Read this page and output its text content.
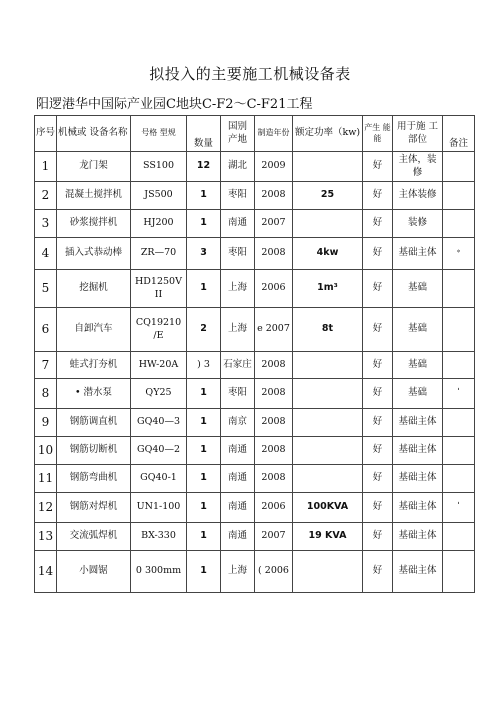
拟投入的主要施工机械设备表
阳逻港华中国际产业园C地块C-F2～C-F21工程
序号	机械或 设备名称	号格 型规	数量	国别 产地	制造年份	额定功率（kw)	产生 能能	用于施 工部位	备注
1	龙门架	SS100	12	湖北	2009		好	主体，装修	
2	混凝土搅拌机	JS500	1	枣阳	2008	25	好	主体装修	
3	砂浆搅拌机	HJ200	1	南通	2007		好	装修	
4	插入式恭动棒	ZR—70	3	枣阳	2008	4kw	好	基础主体	﹡
5	挖掘机	HD1250V II	1	上海	2006	1m³	好	基础	
6	自卸汽车	CQ19210 /E	2	上海	e 2007	8t	好	基础	
7	蛙式打夯机	HW-20A	) 3	石家庄	2008		好	基础	
8	• 潜水泵	QY25	1	枣阳	2008		好	基础	ˈ
9	钢筋调直机	GQ40—3	1	南京	2008		好	基础主体	
10	钢筋切断机	GQ40—2	1	南通	2008		好	基础主体	
11	钢筋弯曲机	GQ40-1	1	南通	2008		好	基础主体	
12	钢筋对焊机	UN1-100	1	南通	2006	100KVA	好	基础主体	ˈ
13	交流弧焊机	BX-330	1	南通	2007	19 KVA	好	基础主体	
14	小圆锯	0 300mm	1	上海	( 2006		好	基础主体	
